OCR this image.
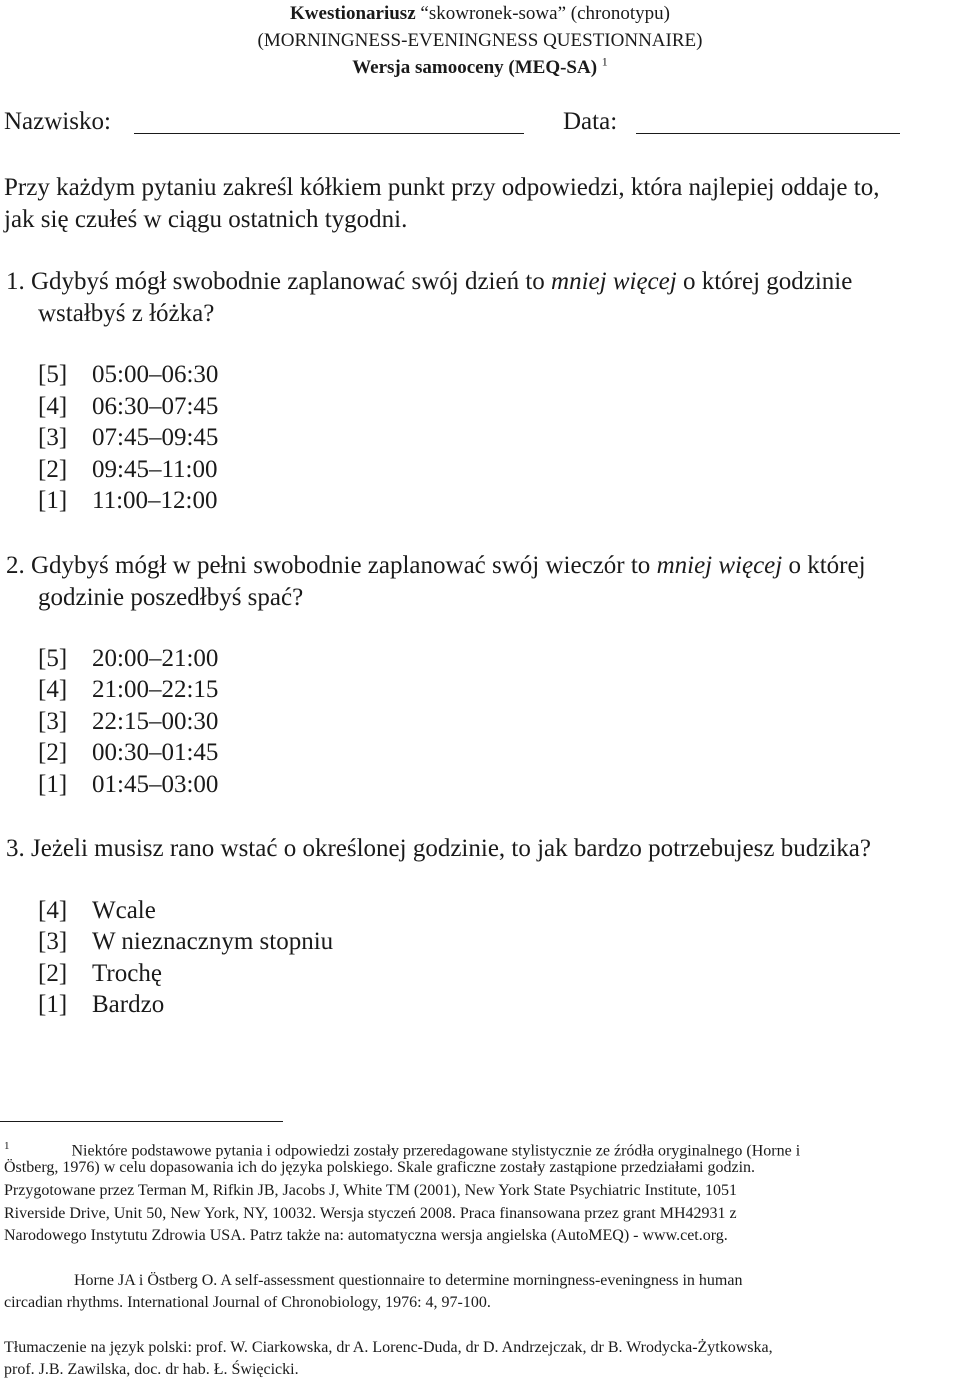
Kwestionariusz “skowronek-sowa” (chronotypu)
(MORNINGNESS-EVENINGNESS QUESTIONNAIRE)
Wersja samooceny (MEQ-SA) $^1$
Nazwisko:	Data:
Przy każdym pytaniu zakreśl kółkiem punkt przy odpowiedzi, która najlepiej oddaje to,
jak się czułeś w ciągu ostatnich tygodni.
1. Gdybyś mógł swobodnie zaplanować swój dzień to mniej więcej o której godzinie
wstałbyś z łóżka?
[5] 05:00–06:30
[4] 06:30–07:45
[3] 07:45–09:45
[2] 09:45–11:00
[1] 11:00–12:00
2. Gdybyś mógł w pełni swobodnie zaplanować swój wieczór to mniej więcej o której
godzinie poszedłbyś spać?
[5] 20:00–21:00
[4] 21:00–22:15
[3] 22:15–00:30
[2] 00:30–01:45
[1] 01:45–03:00
3. Jeżeli musisz rano wstać o określonej godzinie, to jak bardzo potrzebujesz budzika?
[4] Wcale
[3] W nieznacznym stopniu
[2] Trochę
[1] Bardzo
$^1$	Niektóre podstawowe pytania i odpowiedzi zostały przeredagowane stylistycznie ze źródła oryginalnego (Horne i
Östberg, 1976) w celu dopasowania ich do języka polskiego. Skale graficzne zostały zastąpione przedziałami godzin.
Przygotowane przez Terman M, Rifkin JB, Jacobs J, White TM (2001), New York State Psychiatric Institute, 1051
Riverside Drive, Unit 50, New York, NY, 10032. Wersja styczeń 2008. Praca finansowana przez grant MH42931 z
Narodowego Instytutu Zdrowia USA. Patrz także na: automatyczna wersja angielska (AutoMEQ) - www.cet.org.
Horne JA i Östberg O. A self-assessment questionnaire to determine morningness-eveningness in human
circadian rhythms. International Journal of Chronobiology, 1976: 4, 97-100.
Tłumaczenie na język polski: prof. W. Ciarkowska, dr A. Lorenc-Duda, dr D. Andrzejczak, dr B. Wrodycka-Żytkowska,
prof. J.B. Zawilska, doc. dr hab. Ł. Święcicki.
